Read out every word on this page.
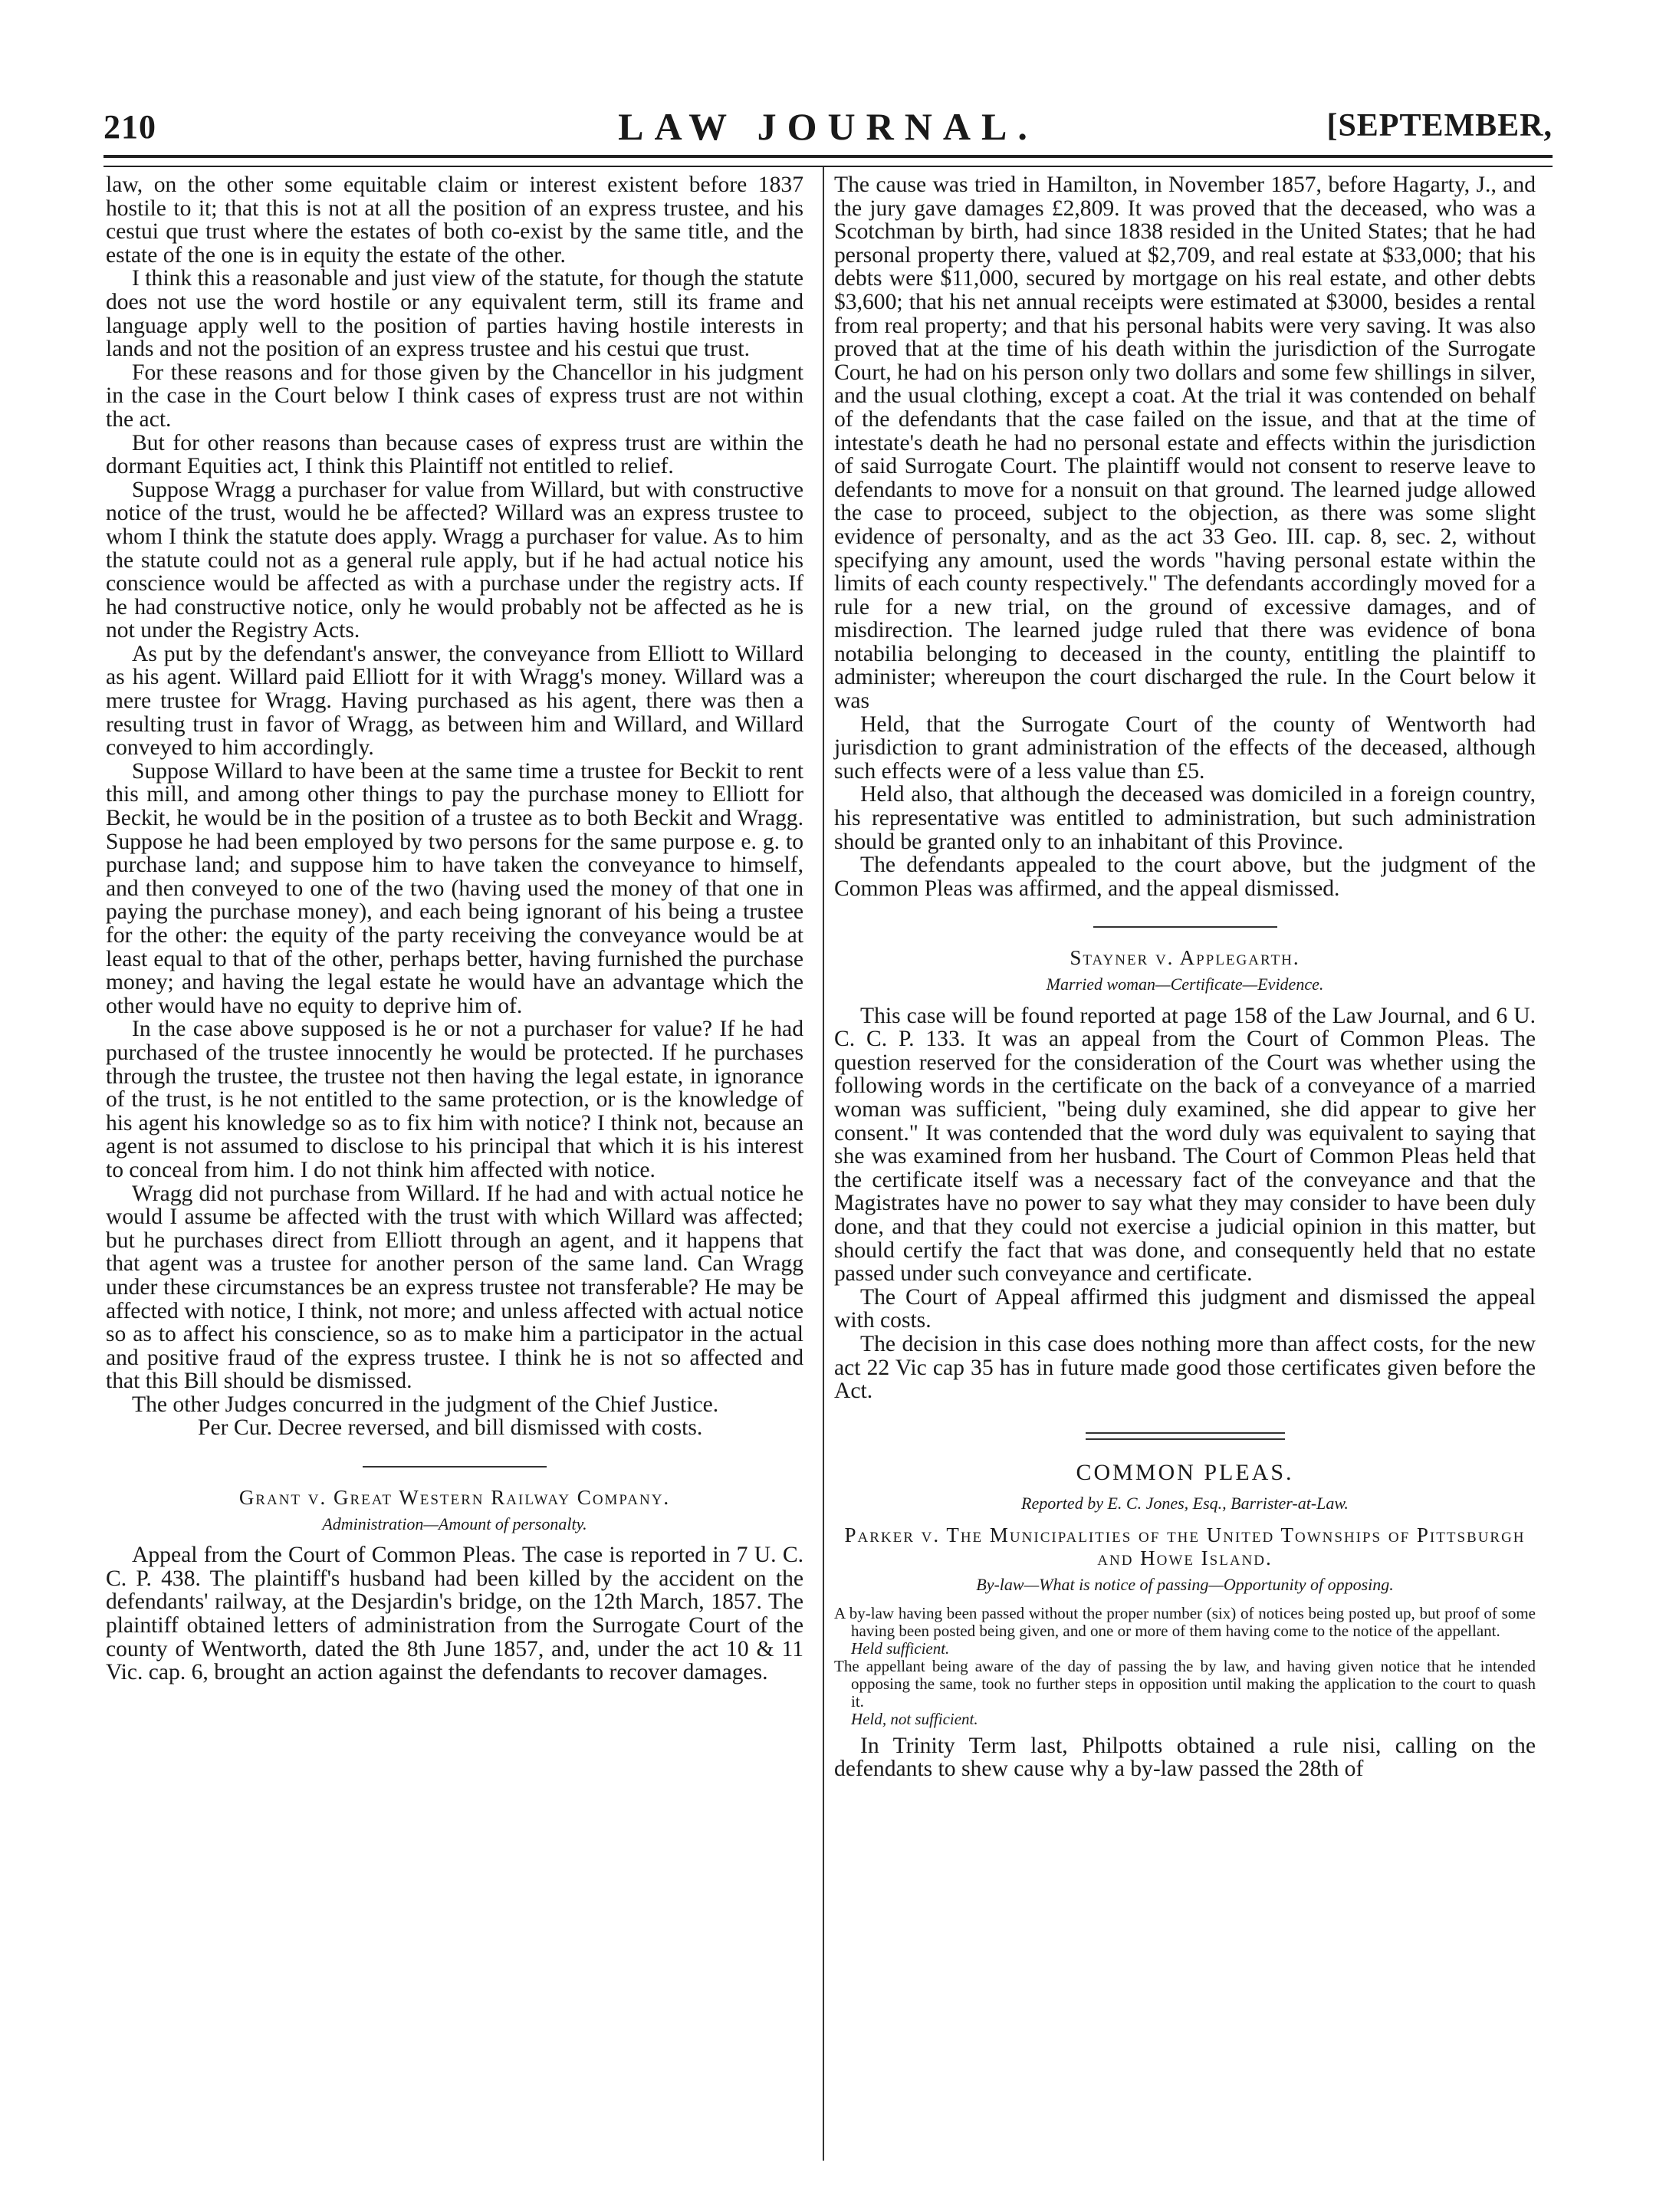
210	LAW JOURNAL.	[SEPTEMBER,

law, on the other some equitable claim or interest existent before 1837 hostile to it; that this is not at all the position of an express trustee, and his cestui que trust where the estates of both co-exist by the same title, and the estate of the one is in equity the estate of the other.

I think this a reasonable and just view of the statute, for though the statute does not use the word hostile or any equivalent term, still its frame and language apply well to the position of parties having hostile interests in lands and not the position of an express trustee and his cestui que trust.

For these reasons and for those given by the Chancellor in his judgment in the case in the Court below I think cases of express trust are not within the act.

But for other reasons than because cases of express trust are within the dormant Equities act, I think this Plaintiff not entitled to relief.

Suppose Wragg a purchaser for value from Willard, but with constructive notice of the trust, would he be affected? Willard was an express trustee to whom I think the statute does apply. Wragg a purchaser for value. As to him the statute could not as a general rule apply, but if he had actual notice his conscience would be affected as with a purchase under the registry acts. If he had constructive notice, only he would probably not be affected as he is not under the Registry Acts.

As put by the defendant's answer, the conveyance from Elliott to Willard as his agent. Willard paid Elliott for it with Wragg's money. Willard was a mere trustee for Wragg. Having purchased as his agent, there was then a resulting trust in favor of Wragg, as between him and Willard, and Willard conveyed to him accordingly.

Suppose Willard to have been at the same time a trustee for Beckit to rent this mill, and among other things to pay the purchase money to Elliott for Beckit, he would be in the position of a trustee as to both Beckit and Wragg. Suppose he had been employed by two persons for the same purpose e. g. to purchase land; and suppose him to have taken the conveyance to himself, and then conveyed to one of the two (having used the money of that one in paying the purchase money), and each being ignorant of his being a trustee for the other: the equity of the party receiving the conveyance would be at least equal to that of the other, perhaps better, having furnished the purchase money; and having the legal estate he would have an advantage which the other would have no equity to deprive him of.

In the case above supposed is he or not a purchaser for value? If he had purchased of the trustee innocently he would be protected. If he purchases through the trustee, the trustee not then having the legal estate, in ignorance of the trust, is he not entitled to the same protection, or is the knowledge of his agent his knowledge so as to fix him with notice? I think not, because an agent is not assumed to disclose to his principal that which it is his interest to conceal from him. I do not think him affected with notice.

Wragg did not purchase from Willard. If he had and with actual notice he would I assume be affected with the trust with which Willard was affected; but he purchases direct from Elliott through an agent, and it happens that that agent was a trustee for another person of the same land. Can Wragg under these circumstances be an express trustee not transferable? He may be affected with notice, I think, not more; and unless affected with actual notice so as to affect his conscience, so as to make him a participator in the actual and positive fraud of the express trustee. I think he is not so affected and that this Bill should be dismissed.

The other Judges concurred in the judgment of the Chief Justice.

Per Cur. Decree reversed, and bill dismissed with costs.

Grant v. Great Western Railway Company.
Administration—Amount of personalty.

Appeal from the Court of Common Pleas. The case is reported in 7 U. C. C. P. 438. The plaintiff's husband had been killed by the accident on the defendants' railway, at the Desjardin's bridge, on the 12th March, 1857. The plaintiff obtained letters of administration from the Surrogate Court of the county of Wentworth, dated the 8th June 1857, and, under the act 10 & 11 Vic. cap. 6, brought an action against the defendants to recover damages.

The cause was tried in Hamilton, in November 1857, before Hagarty, J., and the jury gave damages £2,809. It was proved that the deceased, who was a Scotchman by birth, had since 1838 resided in the United States; that he had personal property there, valued at $2,709, and real estate at $33,000; that his debts were $11,000, secured by mortgage on his real estate, and other debts $3,600; that his net annual receipts were estimated at $3000, besides a rental from real property; and that his personal habits were very saving. It was also proved that at the time of his death within the jurisdiction of the Surrogate Court, he had on his person only two dollars and some few shillings in silver, and the usual clothing, except a coat. At the trial it was contended on behalf of the defendants that the case failed on the issue, and that at the time of intestate's death he had no personal estate and effects within the jurisdiction of said Surrogate Court. The plaintiff would not consent to reserve leave to defendants to move for a nonsuit on that ground. The learned judge allowed the case to proceed, subject to the objection, as there was some slight evidence of personalty, and as the act 33 Geo. III. cap. 8, sec. 2, without specifying any amount, used the words "having personal estate within the limits of each county respectively." The defendants accordingly moved for a rule for a new trial, on the ground of excessive damages, and of misdirection. The learned judge ruled that there was evidence of bona notabilia belonging to deceased in the county, entitling the plaintiff to administer; whereupon the court discharged the rule. In the Court below it was

Held, that the Surrogate Court of the county of Wentworth had jurisdiction to grant administration of the effects of the deceased, although such effects were of a less value than £5.

Held also, that although the deceased was domiciled in a foreign country, his representative was entitled to administration, but such administration should be granted only to an inhabitant of this Province.

The defendants appealed to the court above, but the judgment of the Common Pleas was affirmed, and the appeal dismissed.

Stayner v. Applegarth.
Married woman—Certificate—Evidence.

This case will be found reported at page 158 of the Law Journal, and 6 U. C. C. P. 133. It was an appeal from the Court of Common Pleas. The question reserved for the consideration of the Court was whether using the following words in the certificate on the back of a conveyance of a married woman was sufficient, "being duly examined, she did appear to give her consent." It was contended that the word duly was equivalent to saying that she was examined from her husband. The Court of Common Pleas held that the certificate itself was a necessary fact of the conveyance and that the Magistrates have no power to say what they may consider to have been duly done, and that they could not exercise a judicial opinion in this matter, but should certify the fact that was done, and consequently held that no estate passed under such conveyance and certificate.

The Court of Appeal affirmed this judgment and dismissed the appeal with costs.

The decision in this case does nothing more than affect costs, for the new act 22 Vic cap 35 has in future made good those certificates given before the Act.

COMMON PLEAS.
Reported by E. C. Jones, Esq., Barrister-at-Law.
Parker v. The Municipalities of the United Townships of Pittsburgh and Howe Island.
By-law—What is notice of passing—Opportunity of opposing.

A by-law having been passed without the proper number (six) of notices being posted up, but proof of some having been posted being given, and one or more of them having come to the notice of the appellant.

Held sufficient.

The appellant being aware of the day of passing the by law, and having given notice that he intended opposing the same, took no further steps in opposition until making the application to the court to quash it.

Held, not sufficient.

In Trinity Term last, Philpotts obtained a rule nisi, calling on the defendants to shew cause why a by-law passed the 28th of
